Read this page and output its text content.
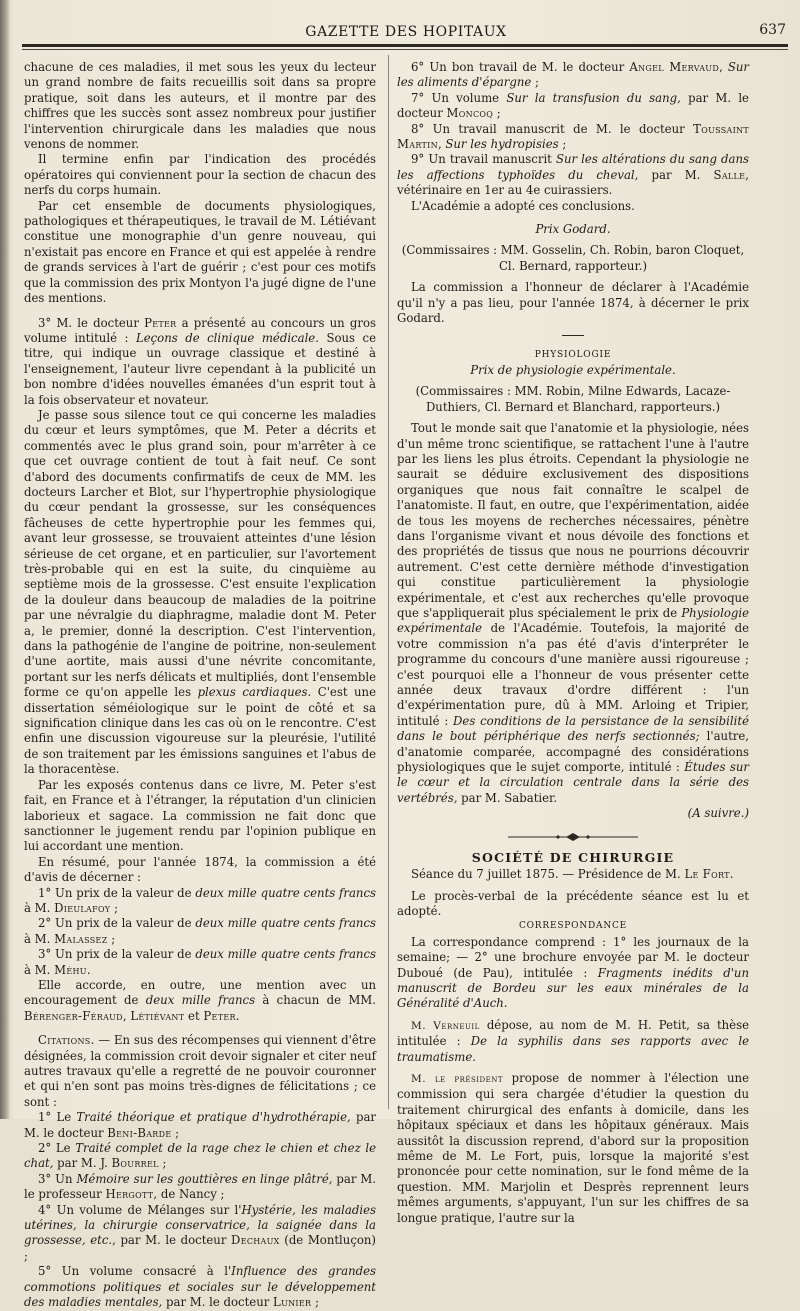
GAZETTE DES HOPITAUX	637

chacune de ces maladies, il met sous les yeux du lecteur un grand nombre de faits recueillis soit dans sa propre pratique, soit dans les auteurs, et il montre par des chiffres que les succès sont assez nombreux pour justifier l'intervention chirurgicale dans les maladies que nous venons de nommer.

Il termine enfin par l'indication des procédés opératoires qui conviennent pour la section de chacun des nerfs du corps humain.

Par cet ensemble de documents physiologiques, pathologiques et thérapeutiques, le travail de M. Létiévant constitue une monographie d'un genre nouveau, qui n'existait pas encore en France et qui est appelée à rendre de grands services à l'art de guérir ; c'est pour ces motifs que la commission des prix Montyon l'a jugé digne de l'une des mentions.

3° M. le docteur Peter a présenté au concours un gros volume intitulé : Leçons de clinique médicale. Sous ce titre, qui indique un ouvrage classique et destiné à l'enseignement, l'auteur livre cependant à la publicité un bon nombre d'idées nouvelles émanées d'un esprit tout à la fois observateur et novateur.

Je passe sous silence tout ce qui concerne les maladies du cœur et leurs symptômes, que M. Peter a décrits et commentés avec le plus grand soin, pour m'arrêter à ce que cet ouvrage contient de tout à fait neuf. Ce sont d'abord des documents confirmatifs de ceux de MM. les docteurs Larcher et Blot, sur l'hypertrophie physiologique du cœur pendant la grossesse, sur les conséquences fâcheuses de cette hypertrophie pour les femmes qui, avant leur grossesse, se trouvaient atteintes d'une lésion sérieuse de cet organe, et en particulier, sur l'avortement très-probable qui en est la suite, du cinquième au septième mois de la grossesse. C'est ensuite l'explication de la douleur dans beaucoup de maladies de la poitrine par une névralgie du diaphragme, maladie dont M. Peter a, le premier, donné la description. C'est l'intervention, dans la pathogénie de l'angine de poitrine, non-seulement d'une aortite, mais aussi d'une névrite concomitante, portant sur les nerfs délicats et multipliés, dont l'ensemble forme ce qu'on appelle les plexus cardiaques. C'est une dissertation séméiologique sur le point de côté et sa signification clinique dans les cas où on le rencontre. C'est enfin une discussion vigoureuse sur la pleurésie, l'utilité de son traitement par les émissions sanguines et l'abus de la thoracentèse.

Par les exposés contenus dans ce livre, M. Peter s'est fait, en France et à l'étranger, la réputation d'un clinicien laborieux et sagace. La commission ne fait donc que sanctionner le jugement rendu par l'opinion publique en lui accordant une mention.

En résumé, pour l'année 1874, la commission a été d'avis de décerner :

1° Un prix de la valeur de deux mille quatre cents francs à M. Dieulafoy ;

2° Un prix de la valeur de deux mille quatre cents francs à M. Malassez ;

3° Un prix de la valeur de deux mille quatre cents francs à M. Méhu.

Elle accorde, en outre, une mention avec un encouragement de deux mille francs à chacun de MM. Bérenger-Féraud, Létiévant et Peter.

Citations. — En sus des récompenses qui viennent d'être désignées, la commission croit devoir signaler et citer neuf autres travaux qu'elle a regretté de ne pouvoir couronner et qui n'en sont pas moins très-dignes de félicitations ; ce sont :

1° Le Traité théorique et pratique d'hydrothérapie, par M. le docteur Beni-Barde ;

2° Le Traité complet de la rage chez le chien et chez le chat, par M. J. Bourrel ;

3° Un Mémoire sur les gouttières en linge plâtré, par M. le professeur Hergott, de Nancy ;

4° Un volume de Mélanges sur l'Hystérie, les maladies utérines, la chirurgie conservatrice, la saignée dans la grossesse, etc., par M. le docteur Dechaux (de Montluçon) ;

5° Un volume consacré à l'Influence des grandes commotions politiques et sociales sur le développement des maladies mentales, par M. le docteur Lunier ;

6° Un bon travail de M. le docteur Angel Mervaud, Sur les aliments d'épargne ;

7° Un volume Sur la transfusion du sang, par M. le docteur Moncoq ;

8° Un travail manuscrit de M. le docteur Toussaint Martin, Sur les hydropisies ;

9° Un travail manuscrit Sur les altérations du sang dans les affections typhoïdes du cheval, par M. Salle, vétérinaire en 1er au 4e cuirassiers.

L'Académie a adopté ces conclusions.

Prix Godard.

(Commissaires : MM. Gosselin, Ch. Robin, baron Cloquet, Cl. Bernard, rapporteur.)

La commission a l'honneur de déclarer à l'Académie qu'il n'y a pas lieu, pour l'année 1874, à décerner le prix Godard.

PHYSIOLOGIE

Prix de physiologie expérimentale.

(Commissaires : MM. Robin, Milne Edwards, Lacaze-Duthiers, Cl. Bernard et Blanchard, rapporteurs.)

Tout le monde sait que l'anatomie et la physiologie, nées d'un même tronc scientifique, se rattachent l'une à l'autre par les liens les plus étroits. Cependant la physiologie ne saurait se déduire exclusivement des dispositions organiques que nous fait connaître le scalpel de l'anatomiste. Il faut, en outre, que l'expérimentation, aidée de tous les moyens de recherches nécessaires, pénètre dans l'organisme vivant et nous dévoile des fonctions et des propriétés de tissus que nous ne pourrions découvrir autrement. C'est cette dernière méthode d'investigation qui constitue particulièrement la physiologie expérimentale, et c'est aux recherches qu'elle provoque que s'appliquerait plus spécialement le prix de Physiologie expérimentale de l'Académie. Toutefois, la majorité de votre commission n'a pas été d'avis d'interpréter le programme du concours d'une manière aussi rigoureuse ; c'est pourquoi elle a l'honneur de vous présenter cette année deux travaux d'ordre différent : l'un d'expérimentation pure, dû à MM. Arloing et Tripier, intitulé : Des conditions de la persistance de la sensibilité dans le bout périphérique des nerfs sectionnés; l'autre, d'anatomie comparée, accompagné des considérations physiologiques que le sujet comporte, intitulé : Études sur le cœur et la circulation centrale dans la série des vertébrés, par M. Sabatier.

(A suivre.)

SOCIÉTÉ DE CHIRURGIE

Séance du 7 juillet 1875. — Présidence de M. Le Fort.

Le procès-verbal de la précédente séance est lu et adopté.

CORRESPONDANCE

La correspondance comprend : 1° les journaux de la semaine; — 2° une brochure envoyée par M. le docteur Duboué (de Pau), intitulée : Fragments inédits d'un manuscrit de Bordeu sur les eaux minérales de la Généralité d'Auch.

M. Verneuil dépose, au nom de M. H. Petit, sa thèse intitulée : De la syphilis dans ses rapports avec le traumatisme.

M. le président propose de nommer à l'élection une commission qui sera chargée d'étudier la question du traitement chirurgical des enfants à domicile, dans les hôpitaux spéciaux et dans les hôpitaux généraux. Mais aussitôt la discussion reprend, d'abord sur la proposition même de M. Le Fort, puis, lorsque la majorité s'est prononcée pour cette nomination, sur le fond même de la question. MM. Marjolin et Desprès reprennent leurs mêmes arguments, s'appuyant, l'un sur les chiffres de sa longue pratique, l'autre sur la
